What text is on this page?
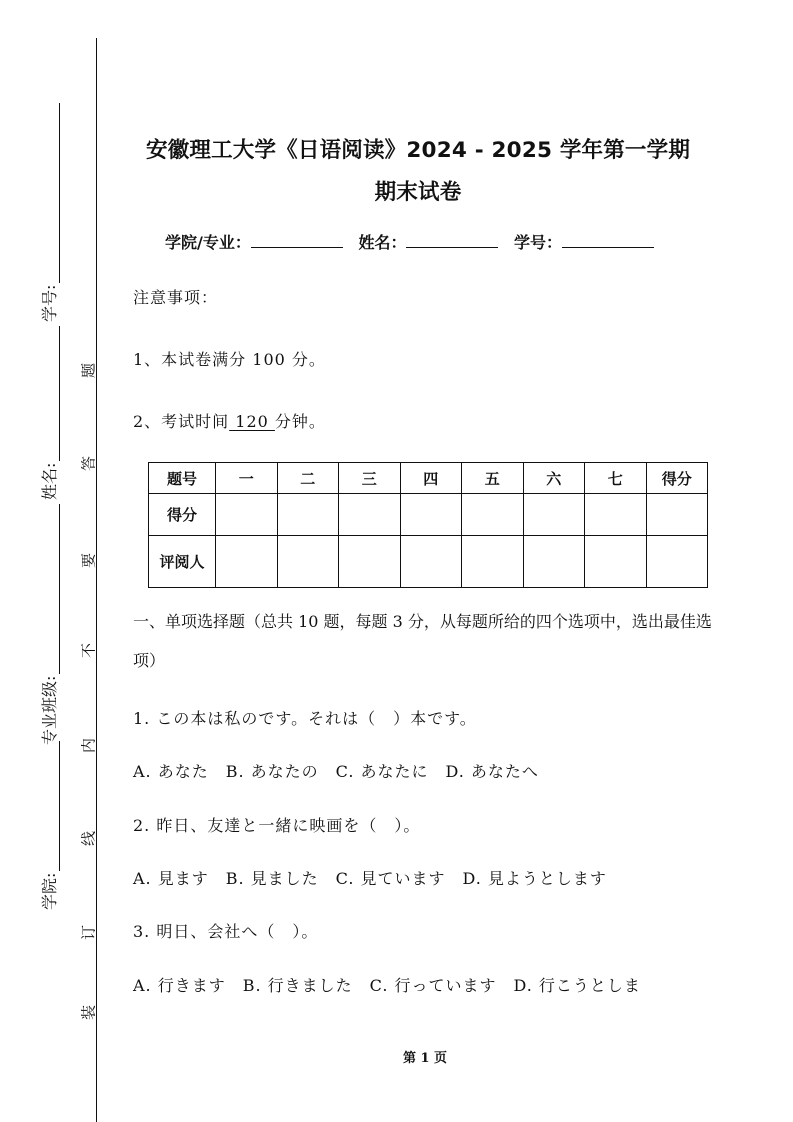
学号:
姓名:
专业班级:
学院:
题
答
要
不
内
线
订
装
安徽理工大学《日语阅读》2024 - 2025 学年第一学期
期末试卷
学院/专业：	姓名：	学号：
注意事项：
1、本试卷满分 100 分。
2、考试时间 120 分钟。
题号	一	二	三	四	五	六	七	得分
得分								
评阅人								
一、单项选择题（总共 10 题，每题 3 分，从每题所给的四个选项中，选出最佳选项）
1. この本は私のです。それは（　）本です。
A. あなた　B. あなたの　C. あなたに　D. あなたへ
2. 昨日、友達と一緒に映画を（　）。
A. 見ます　B. 見ました　C. 見ています　D. 見ようとします
3. 明日、会社へ（　）。
A. 行きます　B. 行きました　C. 行っています　D. 行こうとしま
第 1 页
